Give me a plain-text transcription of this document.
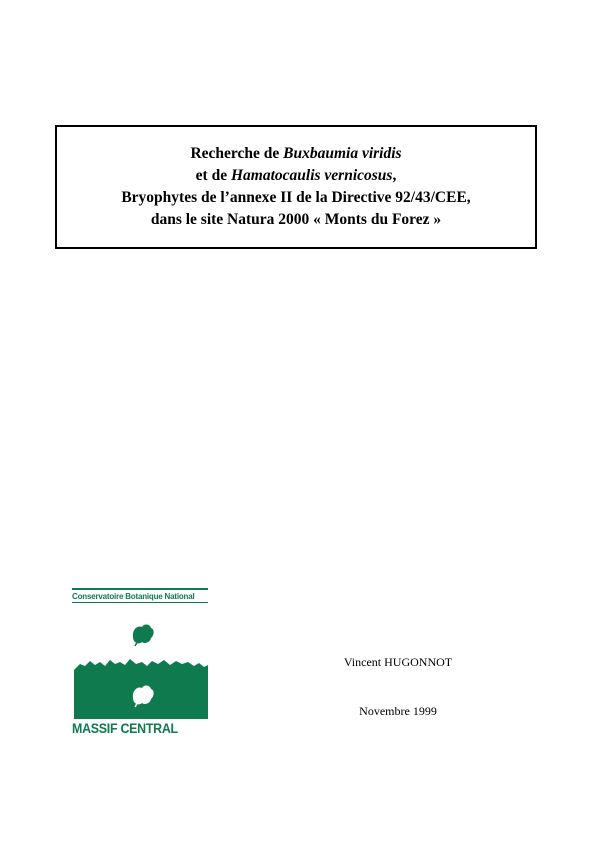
Recherche de Buxbaumia viridis
et de Hamatocaulis vernicosus,
Bryophytes de l’annexe II de la Directive 92/43/CEE,
dans le site Natura 2000 « Monts du Forez »
Conservatoire Botanique National
MASSIF CENTRAL
Vincent HUGONNOT
Novembre 1999
